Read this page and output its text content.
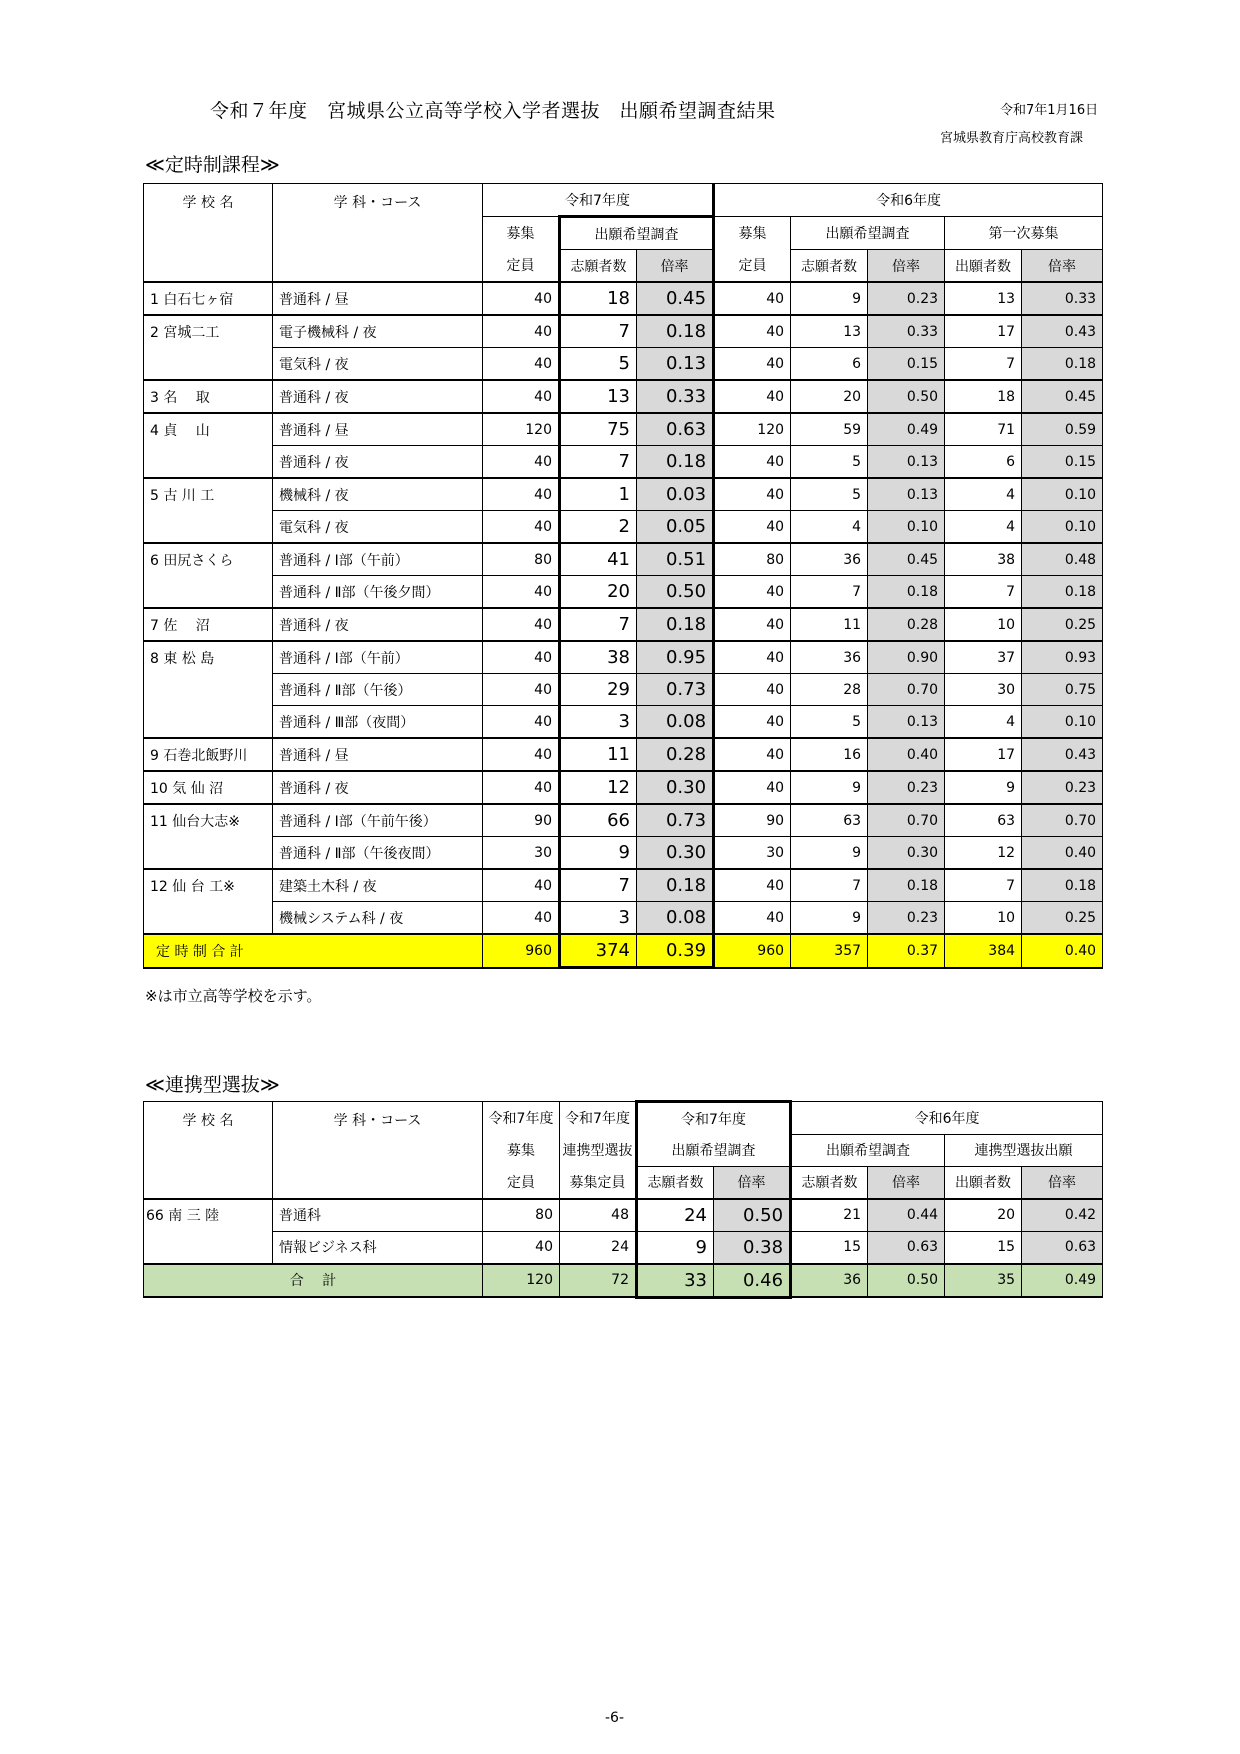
令和７年度　宮城県公立高等学校入学者選抜　出願希望調査結果	令和7年1月16日
宮城県教育庁高校教育課
≪定時制課程≫
学 校 名	学 科・コース	令和7年度			令和6年度				
		募集	出願希望調査		募集	出願希望調査		第一次募集	
		定員	志願者数	倍率	定員	志願者数	倍率	出願者数	倍率
1 白石七ヶ宿	普通科 / 昼	40	18	0.45	40	9	0.23	13	0.33
2 宮城二工	電子機械科 / 夜	40	7	0.18	40	13	0.33	17	0.43
	電気科 / 夜	40	5	0.13	40	6	0.15	7	0.18
3 名　 取	普通科 / 夜	40	13	0.33	40	20	0.50	18	0.45
4 貞　 山	普通科 / 昼	120	75	0.63	120	59	0.49	71	0.59
	普通科 / 夜	40	7	0.18	40	5	0.13	6	0.15
5 古 川 工	機械科 / 夜	40	1	0.03	40	5	0.13	4	0.10
	電気科 / 夜	40	2	0.05	40	4	0.10	4	0.10
6 田尻さくら	普通科 / Ⅰ部（午前）	80	41	0.51	80	36	0.45	38	0.48
	普通科 / Ⅱ部（午後夕間）	40	20	0.50	40	7	0.18	7	0.18
7 佐　 沼	普通科 / 夜	40	7	0.18	40	11	0.28	10	0.25
8 東 松 島	普通科 / Ⅰ部（午前）	40	38	0.95	40	36	0.90	37	0.93
	普通科 / Ⅱ部（午後）	40	29	0.73	40	28	0.70	30	0.75
	普通科 / Ⅲ部（夜間）	40	3	0.08	40	5	0.13	4	0.10
9 石巻北飯野川	普通科 / 昼	40	11	0.28	40	16	0.40	17	0.43
10 気 仙 沼	普通科 / 夜	40	12	0.30	40	9	0.23	9	0.23
11 仙台大志※	普通科 / Ⅰ部（午前午後）	90	66	0.73	90	63	0.70	63	0.70
	普通科 / Ⅱ部（午後夜間）	30	9	0.30	30	9	0.30	12	0.40
12 仙 台 工※	建築土木科 / 夜	40	7	0.18	40	7	0.18	7	0.18
	機械システム科 / 夜	40	3	0.08	40	9	0.23	10	0.25
定 時 制 合 計		960	374	0.39	960	357	0.37	384	0.40
※は市立高等学校を示す。
≪連携型選抜≫
学 校 名	学 科・コース	令和7年度	令和7年度	令和7年度		令和6年度			
		募集	連携型選抜	出願希望調査		出願希望調査		連携型選抜出願	
		定員	募集定員	志願者数	倍率	志願者数	倍率	出願者数	倍率
66 南 三 陸	普通科	80	48	24	0.50	21	0.44	20	0.42
	情報ビジネス科	40	24	9	0.38	15	0.63	15	0.63
合　 計		120	72	33	0.46	36	0.50	35	0.49
-6-
